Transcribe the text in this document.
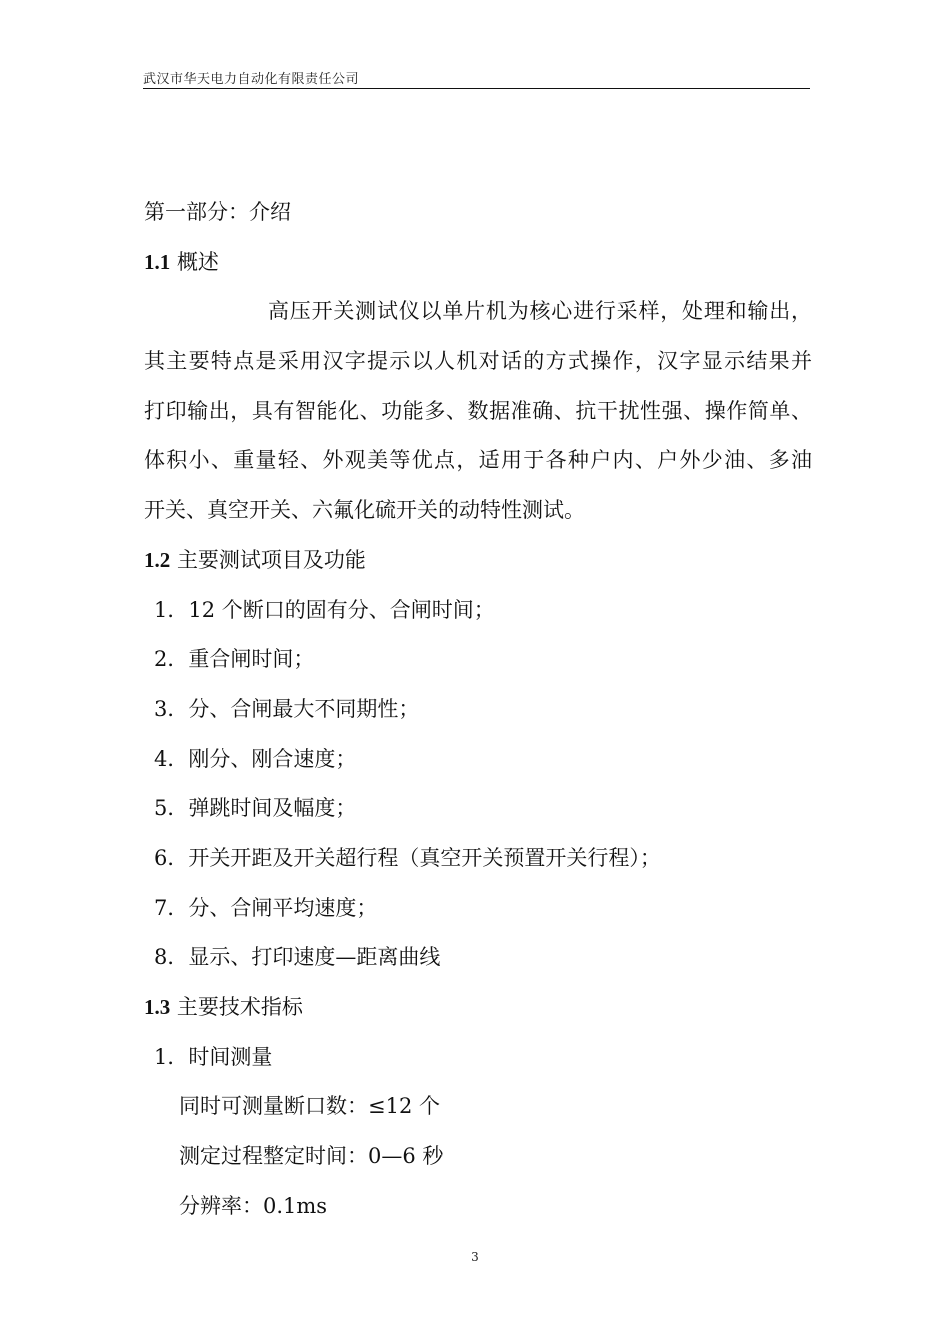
武汉市华天电力自动化有限责任公司
第一部分：介绍
1.1 概述
高压开关测试仪以单片机为核心进行采样，处理和输出，
其主要特点是采用汉字提示以人机对话的方式操作，汉字显示结果并
打印输出，具有智能化、功能多、数据准确、抗干扰性强、操作简单、
体积小、重量轻、外观美等优点，适用于各种户内、户外少油、多油
开关、真空开关、六氟化硫开关的动特性测试。
1.2 主要测试项目及功能
1．12 个断口的固有分、合闸时间；
2．重合闸时间；
3．分、合闸最大不同期性；
4．刚分、刚合速度；
5．弹跳时间及幅度；
6．开关开距及开关超行程（真空开关预置开关行程）；
7．分、合闸平均速度；
8．显示、打印速度—距离曲线
1.3 主要技术指标
1．时间测量
同时可测量断口数：≤12 个
测定过程整定时间：0—6 秒
分辨率：0.1ms
3
